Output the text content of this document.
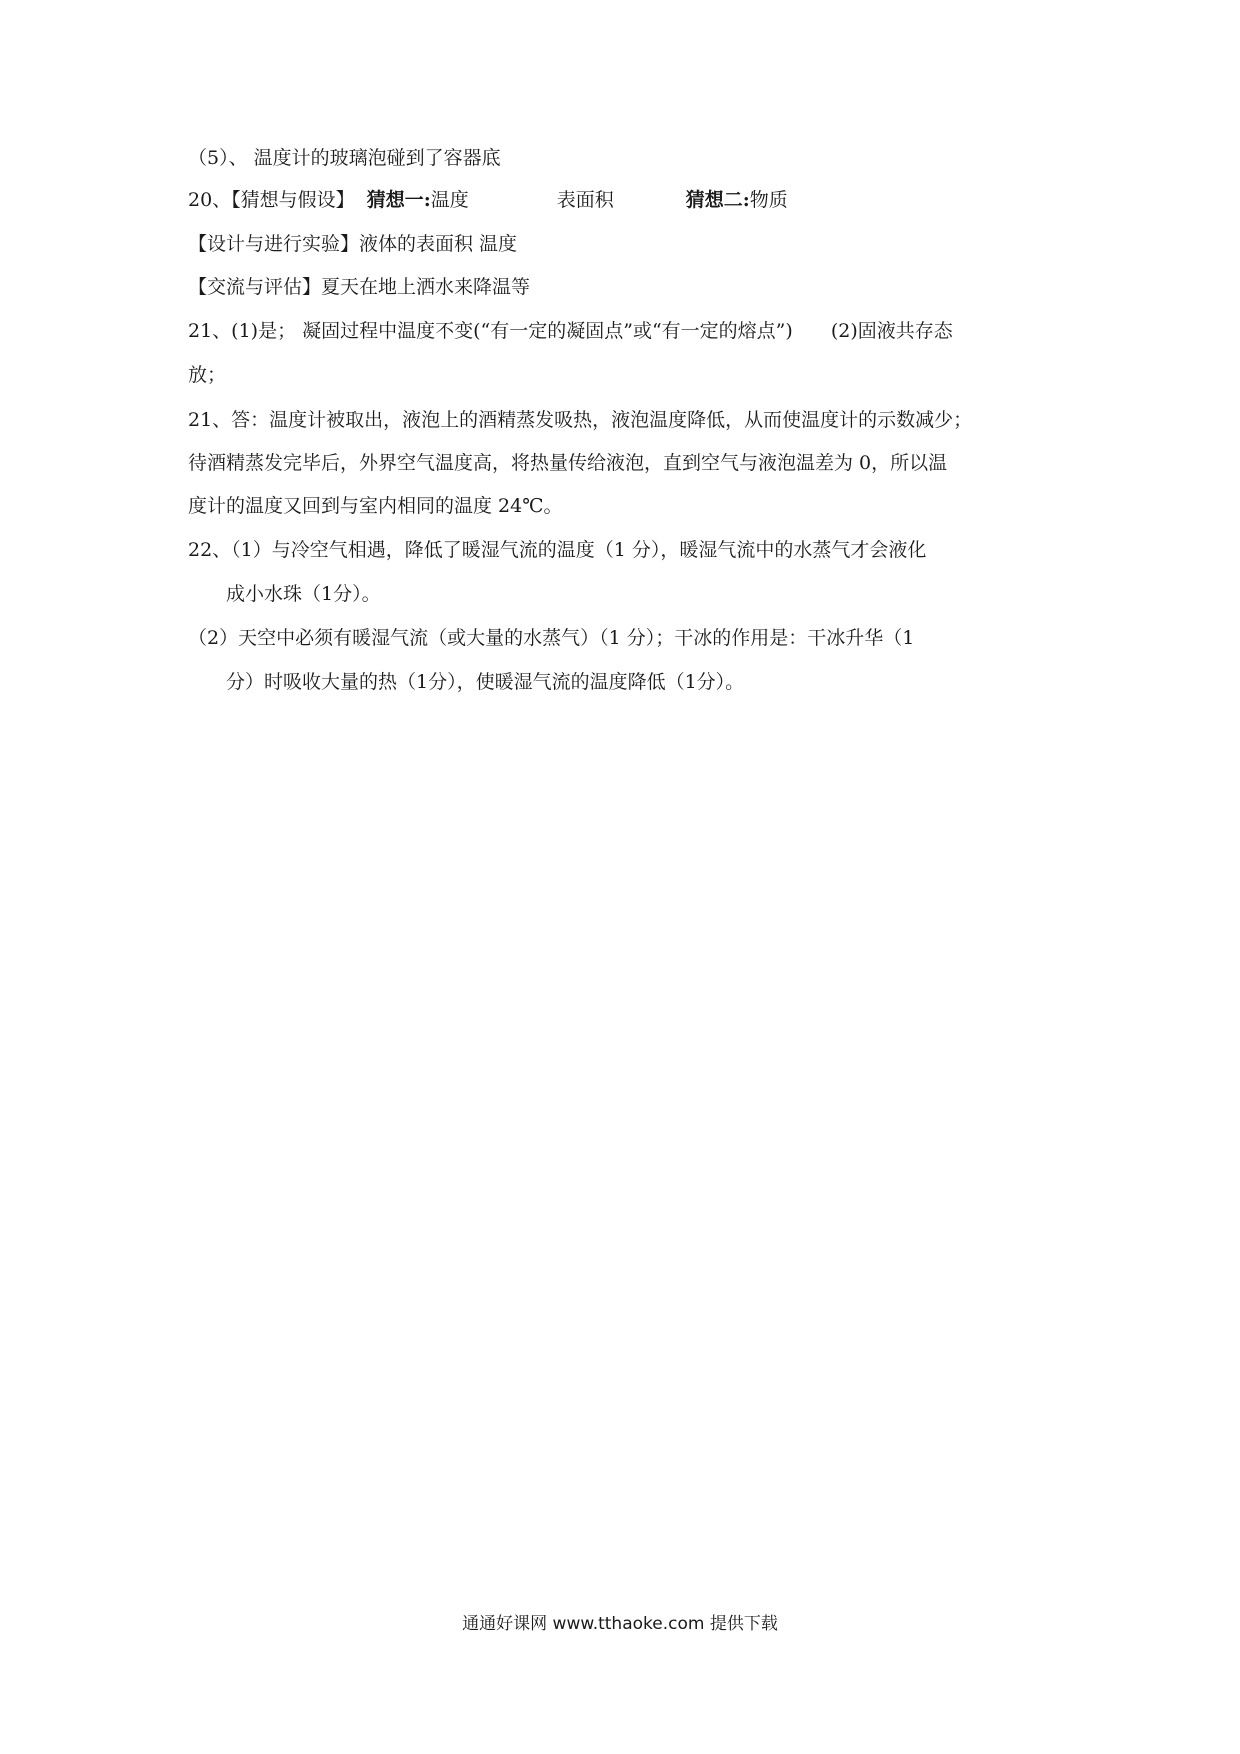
（5）、 温度计的玻璃泡碰到了容器底
20、【猜想与假设】 猜想一:温度	表面积	猜想二:物质
【设计与进行实验】液体的表面积 温度
【交流与评估】夏天在地上洒水来降温等
21、(1)是； 凝固过程中温度不变(“有一定的凝固点”或“有一定的熔点”) (2)固液共存态
放；
21、答：温度计被取出，液泡上的酒精蒸发吸热，液泡温度降低，从而使温度计的示数减少；
待酒精蒸发完毕后，外界空气温度高，将热量传给液泡，直到空气与液泡温差为 0，所以温
度计的温度又回到与室内相同的温度 24℃。
22、（1）与冷空气相遇，降低了暖湿气流的温度（1 分），暖湿气流中的水蒸气才会液化
成小水珠（1分）。
（2）天空中必须有暖湿气流（或大量的水蒸气）（1 分）；干冰的作用是：干冰升华（1
分）时吸收大量的热（1分），使暖湿气流的温度降低（1分）。
通通好课网 www.tthaoke.com 提供下载
